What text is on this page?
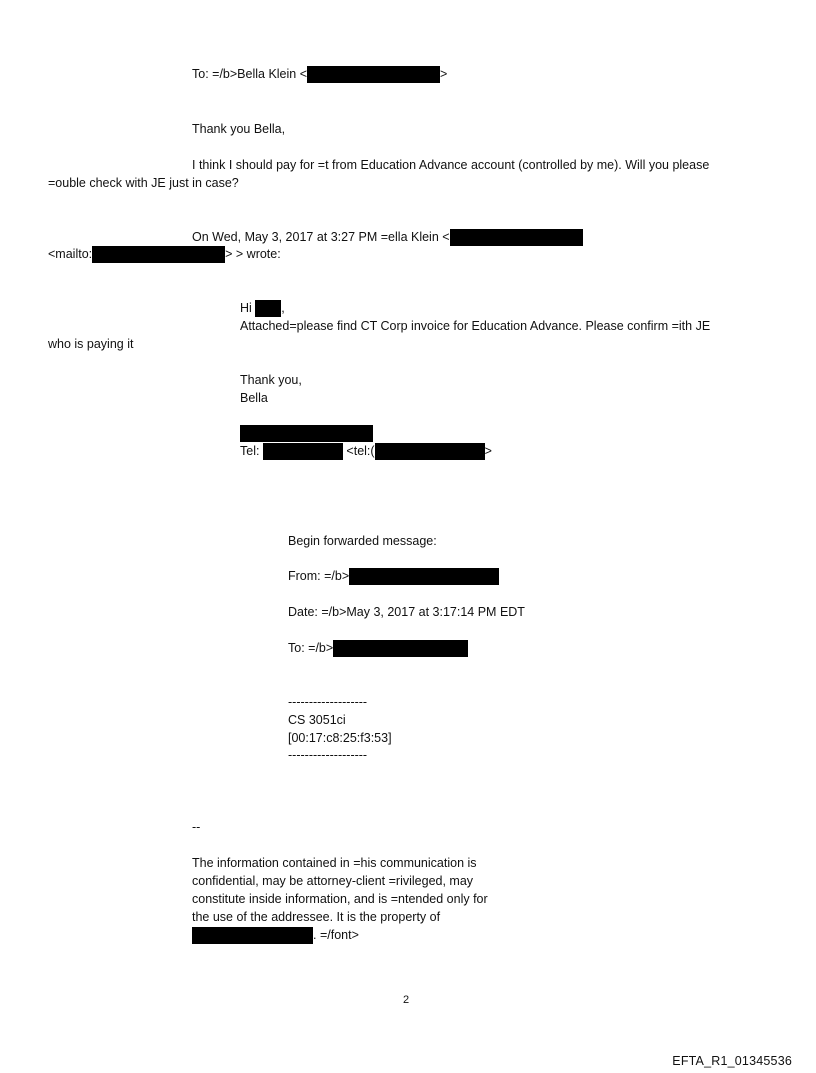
To: =/b>Bella Klein <	>
Thank you Bella,
I think I should pay for =t from Education Advance account (controlled by me). Will you please
=ouble check with JE just in case?
On Wed, May 3, 2017 at 3:27 PM =ella Klein <
<mailto:	> > wrote:
Hi ,
Attached=please find CT Corp invoice for Education Advance. Please confirm =ith JE
who is paying it
Thank you,
Bella
Tel:	<tel:(	>
Begin forwarded message:
From: =/b>
Date: =/b>May 3, 2017 at 3:17:14 PM EDT
To: =/b>
-------------------
CS 3051ci
[00:17:c8:25:f3:53]
-------------------
--
The information contained in =his communication is
confidential, may be attorney-client =rivileged, may
constitute inside information, and is =ntended only for
the use of the addressee. It is the property of
. =/font>
2
EFTA_R1_01345536
